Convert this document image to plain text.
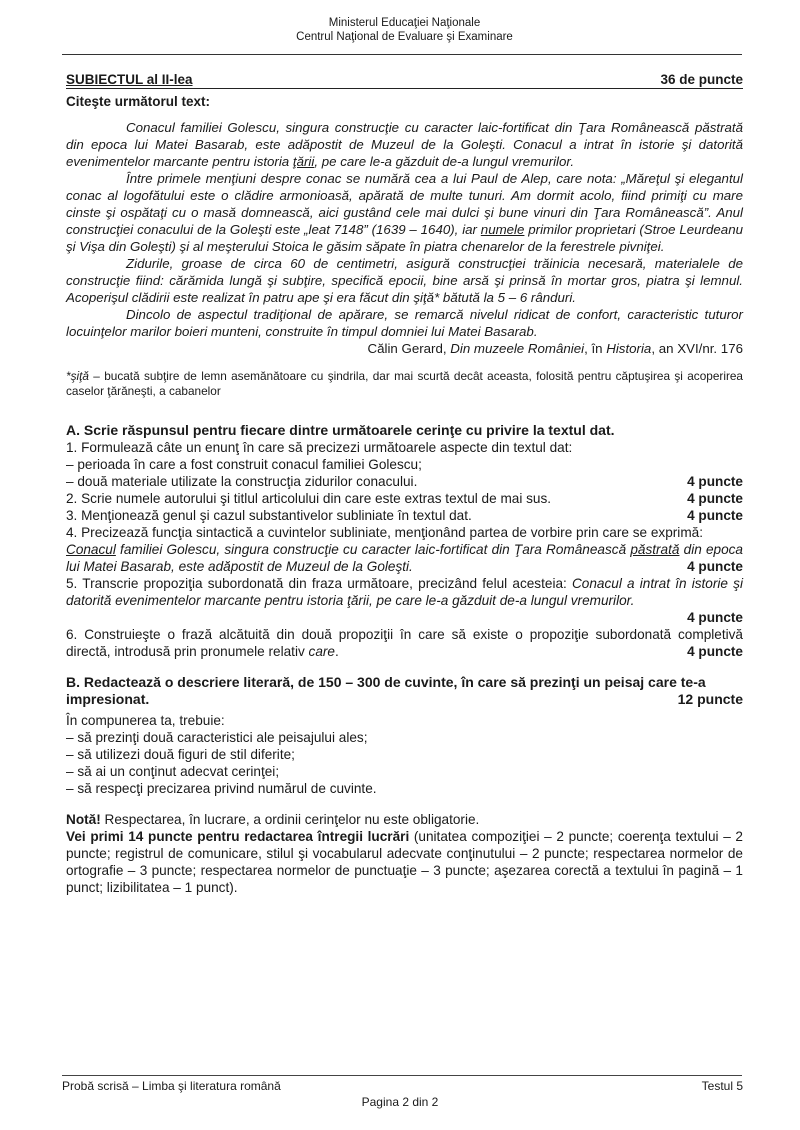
Ministerul Educaţiei Naţionale
Centrul Naţional de Evaluare şi Examinare
SUBIECTUL al II-lea	36 de puncte
Citeşte următorul text:

Conacul familiei Golescu, singura construcţie cu caracter laic-fortificat din Ţara Românească păstrată din epoca lui Matei Basarab, este adăpostit de Muzeul de la Goleşti. Conacul a intrat în istorie şi datorită evenimentelor marcante pentru istoria ţării, pe care le-a găzduit de-a lungul vremurilor.

Între primele menţiuni despre conac se numără cea a lui Paul de Alep, care nota: „Măreţul şi elegantul conac al logofătului este o clădire armonioasă, apărată de multe tunuri. Am dormit acolo, fiind primiţi cu mare cinste şi ospătaţi cu o masă domnească, aici gustând cele mai dulci şi bune vinuri din Ţara Românească”. Anul construcţiei conacului de la Goleşti este „leat 7148” (1639 – 1640), iar numele primilor proprietari (Stroe Leurdeanu şi Vişa din Goleşti) şi al meşterului Stoica le găsim săpate în piatra chenarelor de la ferestrele pivniţei.

Zidurile, groase de circa 60 de centimetri, asigură construcţiei trăinicia necesară, materialele de construcţie fiind: cărămida lungă şi subţire, specifică epocii, bine arsă şi prinsă în mortar gros, piatra şi lemnul. Acoperişul clădirii este realizat în patru ape şi era făcut din şiţă* bătută la 5 – 6 rânduri.

Dincolo de aspectul tradiţional de apărare, se remarcă nivelul ridicat de confort, caracteristic tuturor locuinţelor marilor boieri munteni, construite în timpul domniei lui Matei Basarab.

Călin Gerard, Din muzeele României, în Historia, an XVI/nr. 176
*şiţă – bucată subţire de lemn asemănătoare cu şindrila, dar mai scurtă decât aceasta, folosită pentru căptuşirea şi acoperirea caselor ţărăneşti, a cabanelor
A. Scrie răspunsul pentru fiecare dintre următoarele cerinţe cu privire la textul dat.
1. Formulează câte un enunţ în care să precizezi următoarele aspecte din textul dat:
– perioada în care a fost construit conacul familiei Golescu;
– două materiale utilizate la construcţia zidurilor conacului.	4 puncte
2. Scrie numele autorului şi titlul articolului din care este extras textul de mai sus.	4 puncte
3. Menţionează genul şi cazul substantivelor subliniate în textul dat.	4 puncte
4. Precizează funcţia sintactică a cuvintelor subliniate, menţionând partea de vorbire prin care se exprimă:
Conacul familiei Golescu, singura construcţie cu caracter laic-fortificat din Ţara Românească păstrată din epoca lui Matei Basarab, este adăpostit de Muzeul de la Goleşti.	4 puncte
5. Transcrie propoziţia subordonată din fraza următoare, precizând felul acesteia: Conacul a intrat în istorie şi datorită evenimentelor marcante pentru istoria ţării, pe care le-a găzduit de-a lungul vremurilor.
4 puncte
6. Construieşte o frază alcătuită din două propoziţii în care să existe o propoziţie subordonată completivă directă, introdusă prin pronumele relativ care.	4 puncte
B. Redactează o descriere literară, de 150 – 300 de cuvinte, în care să prezinţi un peisaj care te-a impresionat.	12 puncte
În compunerea ta, trebuie:
– să prezinţi două caracteristici ale peisajului ales;
– să utilizezi două figuri de stil diferite;
– să ai un conţinut adecvat cerinţei;
– să respecţi precizarea privind numărul de cuvinte.
Notă! Respectarea, în lucrare, a ordinii cerinţelor nu este obligatorie.
Vei primi 14 puncte pentru redactarea întregii lucrări (unitatea compoziţiei – 2 puncte; coerenţa textului – 2 puncte; registrul de comunicare, stilul şi vocabularul adecvate conţinutului – 2 puncte; respectarea normelor de ortografie – 3 puncte; respectarea normelor de punctuaţie – 3 puncte; aşezarea corectă a textului în pagină – 1 punct; lizibilitatea – 1 punct).
Probă scrisă – Limba şi literatura română	Testul 5
Pagina 2 din 2
